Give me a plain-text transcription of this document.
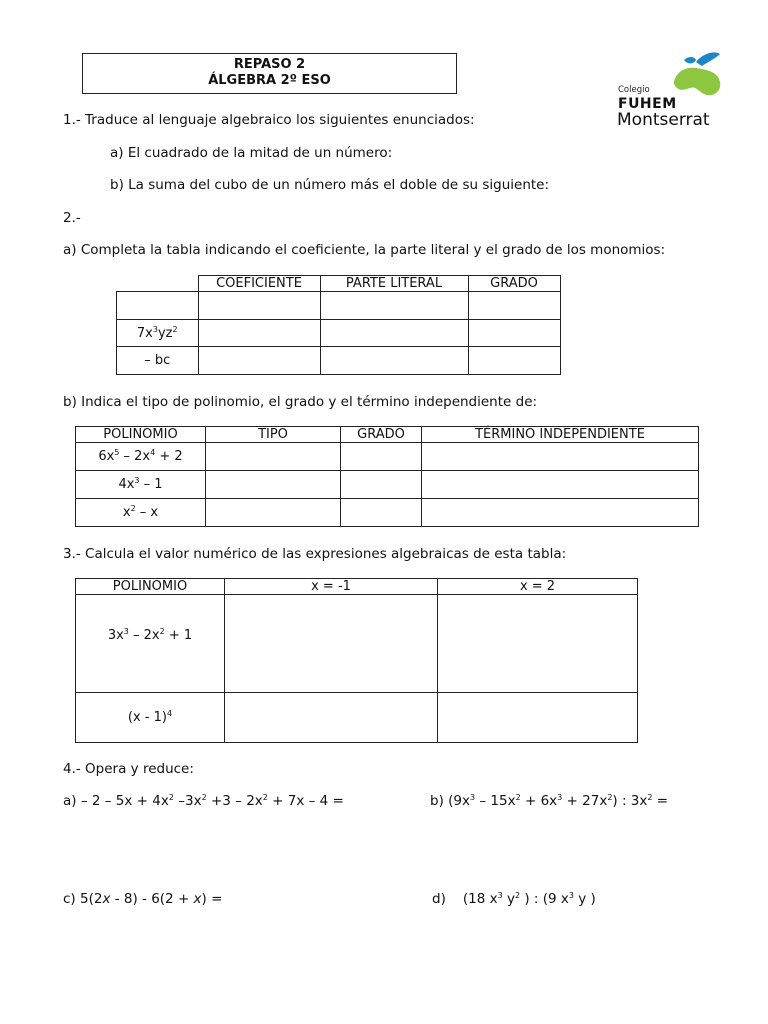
REPASO 2
ÁLGEBRA 2º ESO
Colegio
FUHEM
Montserrat
1.- Traduce al lenguaje algebraico los siguientes enunciados:
a) El cuadrado de la mitad de un número:
b) La suma del cubo de un número más el doble de su siguiente:
2.-
a) Completa la tabla indicando el coeficiente, la parte literal y el grado de los monomios:
	COEFICIENTE	PARTE LITERAL	GRADO

$7x^3yz^2$			
– bc			
b) Indica el tipo de polinomio, el grado y el término independiente de:
POLINOMIO	TIPO	GRADO	TÉRMINO INDEPENDIENTE
$6x^5 - 2x^4 + 2$			
$4x^3 - 1$			
$x^2$ – x			
3.- Calcula el valor numérico de las expresiones algebraicas de esta tabla:
POLINOMIO	x = -1	x = 2
$3x^3 - 2x^2 + 1$		
(x - 1)$^4$		
4.- Opera y reduce:
$a) - 2 - 5x + 4x^2$ $-3x^2 +3 - 2x^2 + 7x - 4$ =	b) $(9x^3 - 15x^2 + 6x^3 + 27x^2)$ : $3x^2$ =
c) 5(2x - 8) - 6(2 + x) =	d) (18 $x^3$ $y^2$ ) : (9 $x^3$ y )
